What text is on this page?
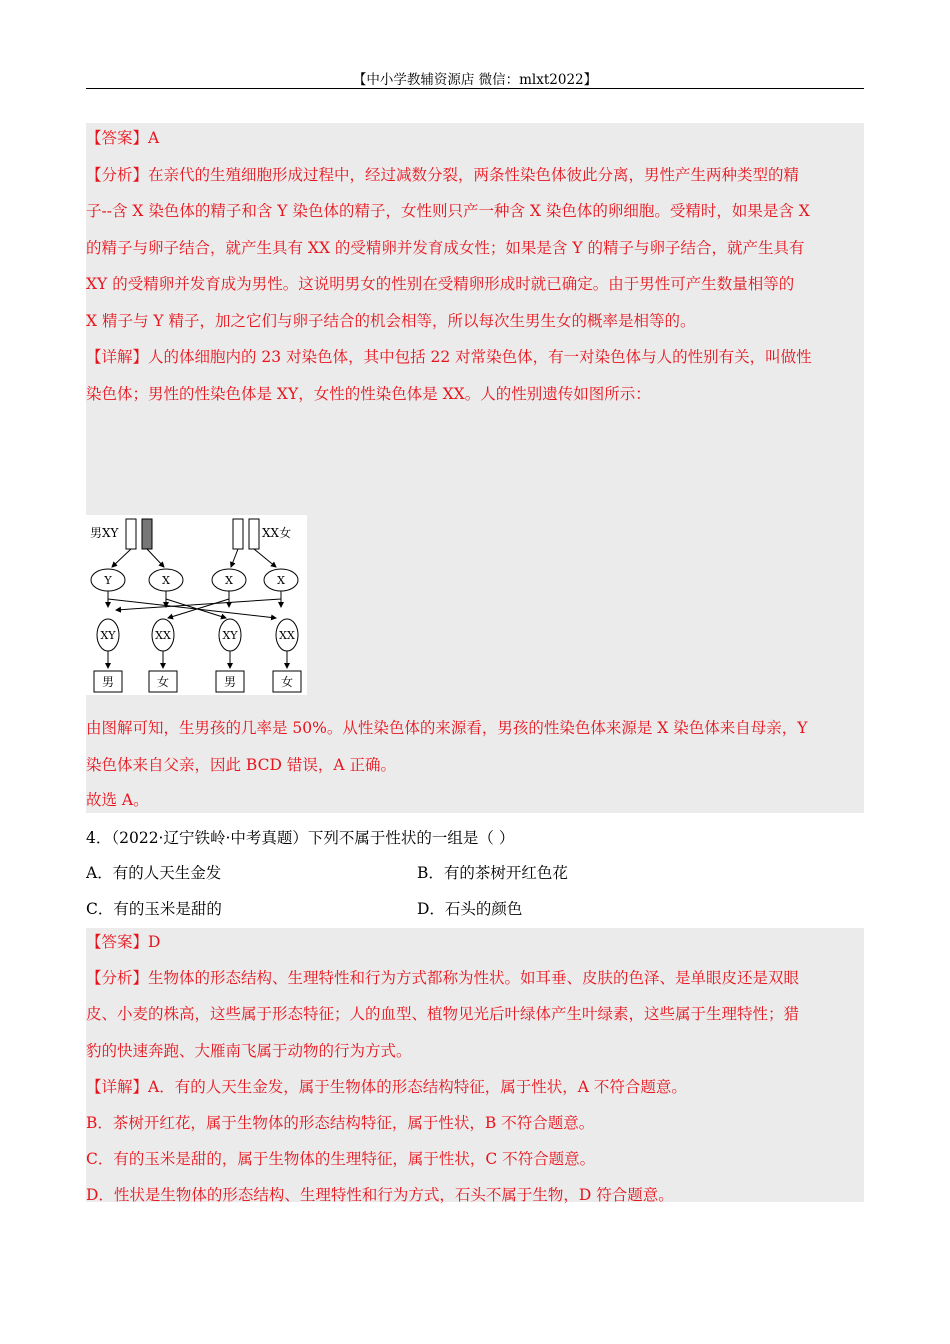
【中小学教辅资源店 微信：mlxt2022】
【答案】A
【分析】在亲代的生殖细胞形成过程中，经过减数分裂，两条性染色体彼此分离，男性产生两种类型的精
子--含 X 染色体的精子和含 Y 染色体的精子，女性则只产一种含 X 染色体的卵细胞。受精时，如果是含 X
的精子与卵子结合，就产生具有 XX 的受精卵并发育成女性；如果是含 Y 的精子与卵子结合，就产生具有
XY 的受精卵并发育成为男性。这说明男女的性别在受精卵形成时就已确定。由于男性可产生数量相等的
X 精子与 Y 精子，加之它们与卵子结合的机会相等，所以每次生男生女的概率是相等的。
【详解】人的体细胞内的 23 对染色体，其中包括 22 对常染色体，有一对染色体与人的性别有关，叫做性
染色体；男性的性染色体是 XY，女性的性染色体是 XX。人的性别遗传如图所示：
男XY	XX女
Y	X	X	X
XY	XX	XY	XX
男	女	男	女
由图解可知，生男孩的几率是 50%。从性染色体的来源看，男孩的性染色体来源是 X 染色体来自母亲，Y
染色体来自父亲，因此 BCD 错误，A 正确。
故选 A。
4．（2022·辽宁铁岭·中考真题）下列不属于性状的一组是（ ）
A．有的人天生金发	B．有的茶树开红色花
C．有的玉米是甜的	D．石头的颜色
【答案】D
【分析】生物体的形态结构、生理特性和行为方式都称为性状。如耳垂、皮肤的色泽、是单眼皮还是双眼
皮、小麦的株高，这些属于形态特征；人的血型、植物见光后叶绿体产生叶绿素，这些属于生理特性；猎
豹的快速奔跑、大雁南飞属于动物的行为方式。
【详解】A．有的人天生金发，属于生物体的形态结构特征，属于性状，A 不符合题意。
B．茶树开红花，属于生物体的形态结构特征，属于性状，B 不符合题意。
C．有的玉米是甜的，属于生物体的生理特征，属于性状，C 不符合题意。
D．性状是生物体的形态结构、生理特性和行为方式，石头不属于生物，D 符合题意。
